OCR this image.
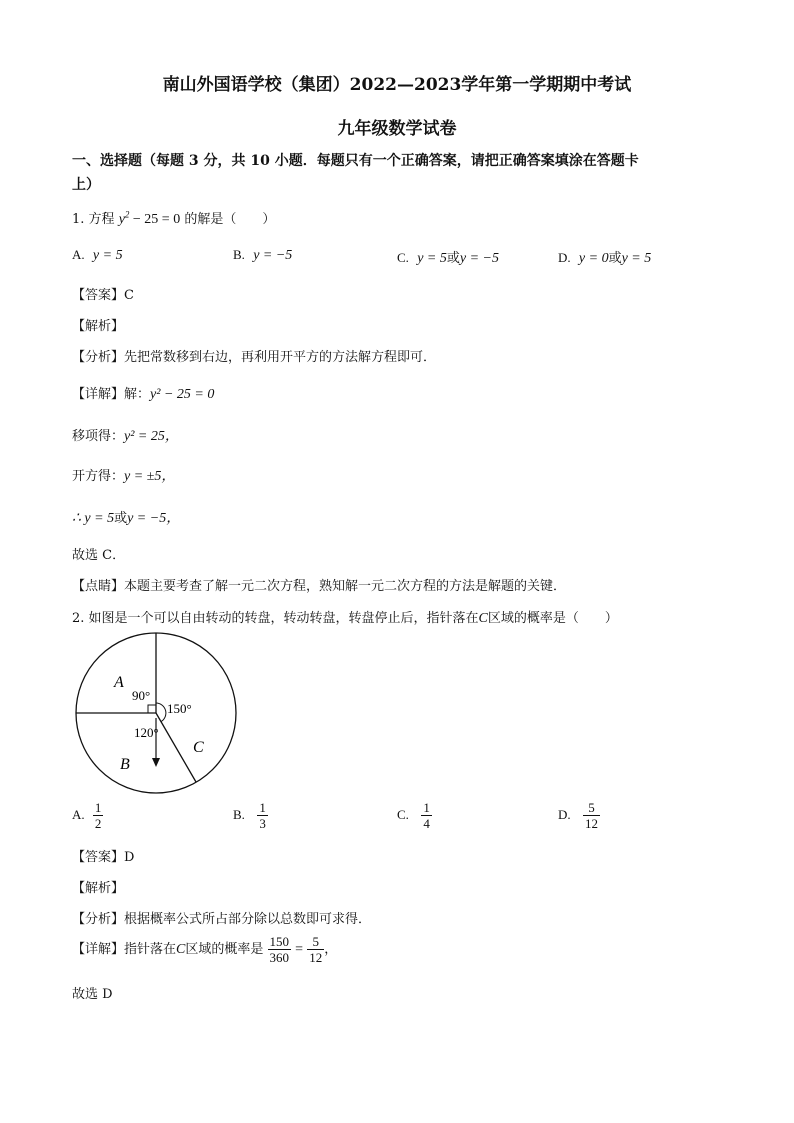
南山外国语学校（集团）2022—2023学年第一学期期中考试
九年级数学试卷
一、选择题（每题 3 分，共 10 小题．每题只有一个正确答案，请把正确答案填涂在答题卡
上）
1. 方程 $y^2 - 25 = 0$ 的解是（　　）
A. y = 5	B. y = −5	C. y = 5或y = −5	D. y = 0或y = 5
【答案】C
【解析】
【分析】先把常数移到右边，再利用开平方的方法解方程即可．
【详解】解：y² − 25 = 0
移项得：y² = 25，
开方得：y = ±5，
∴ y = 5或y = −5，
故选 C．
【点睛】本题主要考查了解一元二次方程，熟知解一元二次方程的方法是解题的关键．
2. 如图是一个可以自由转动的转盘，转动转盘，转盘停止后，指针落在C区域的概率是（　　）
A
90°
150°
120°
C
B
A. $\frac{1}{2}$	B. $\frac{1}{3}$	C. $\frac{1}{4}$	D. $\frac{5}{12}$
【答案】D
【解析】
【分析】根据概率公式所占部分除以总数即可求得．
【详解】指针落在C区域的概率是 $\frac{150}{360} = \frac{5}{12}$ ，
故选 D
